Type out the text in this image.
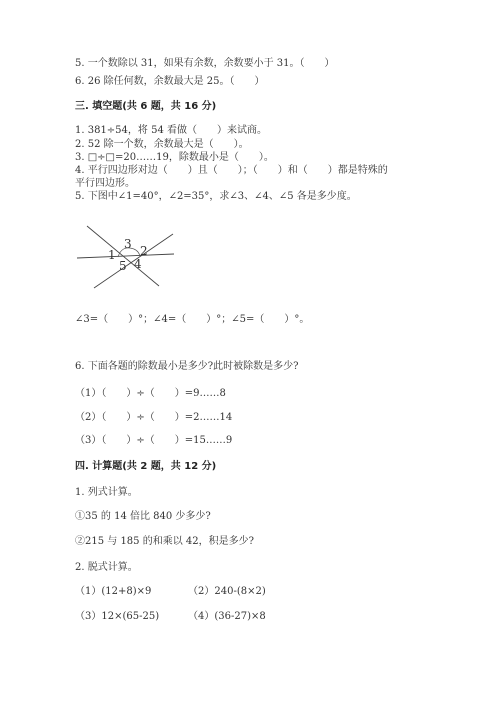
5. 一个数除以 31，如果有余数，余数要小于 31。（　　）
6. 26 除任何数，余数最大是 25。（　　）
三. 填空题(共 6 题，共 16 分)
1. 381÷54，将 54 看做（　　）来试商。
2. 52 除一个数，余数最大是（　　）。
3. □÷□=20……19，除数最小是（　　）。
4. 平行四边形对边（　　）且（　　）；（　　）和（　　）都是特殊的
平行四边形。
5. 下图中∠1=40°，∠2=35°，求∠3、∠4、∠5 各是多少度。
1
3 2
5 4
∠3=（　　）°；∠4=（　　）°；∠5=（　　）°。
6. 下面各题的除数最小是多少?此时被除数是多少?
（1）（　　）÷（　　）=9……8
（2）（　　）÷（　　）=2……14
（3）（　　）÷（　　）=15……9
四. 计算题(共 2 题，共 12 分)
1. 列式计算。
①35 的 14 倍比 840 少多少?
②215 与 185 的和乘以 42，积是多少?
2. 脱式计算。
（1）(12+8)×9	（2）240-(8×2)
（3）12×(65-25)	（4）(36-27)×8
